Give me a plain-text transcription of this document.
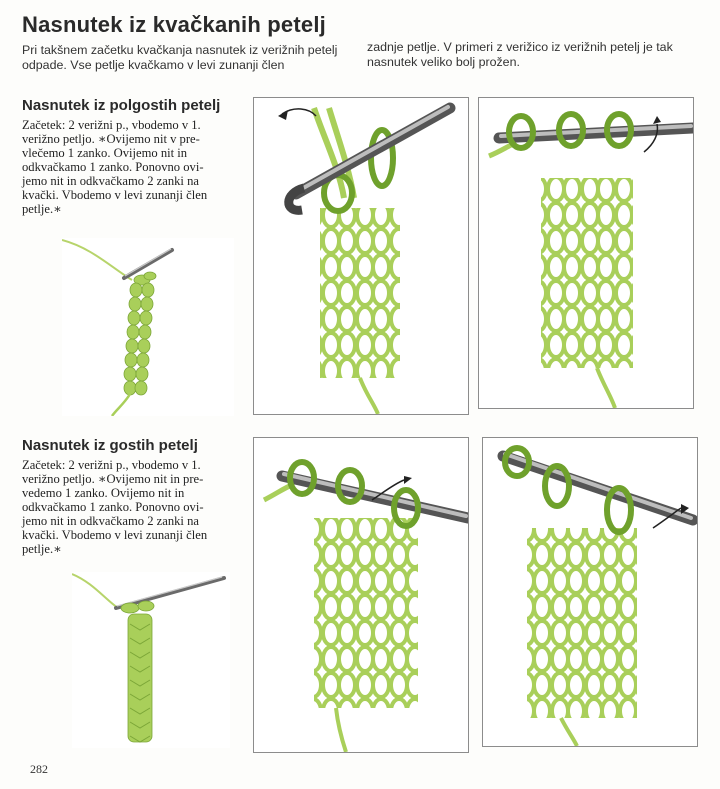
Nasnutek iz kvačkanih petelj
Pri takšnem začetku kvačkanja nasnutek iz verižnih petelj odpade. Vse petlje kvačkamo v levi zunanji člen
zadnje petlje. V primeri z verižico iz verižnih petelj je tak nasnutek veliko bolj prožen.
Nasnutek iz polgostih petelj
Začetek: 2 verižni p., vbodemo v 1.
verižno petljo. ∗Ovijemo nit v pre-
vlečemo 1 zanko. Ovijemo nit in
odkvačkamo 1 zanko. Ponovno ovi-
jemo nit in odkvačkamo 2 zanki na
kvački. Vbodemo v levi zunanji člen
petlje.∗
Nasnutek iz gostih petelj
Začetek: 2 verižni p., vbodemo v 1.
verižno petljo. ∗Ovijemo nit in pre-
vedemo 1 zanko. Ovijemo nit in
odkvačkamo 1 zanko. Ponovno ovi-
jemo nit in odkvačkamo 2 zanki na
kvački. Vbodemo v levi zunanji člen
petlje.∗
282
